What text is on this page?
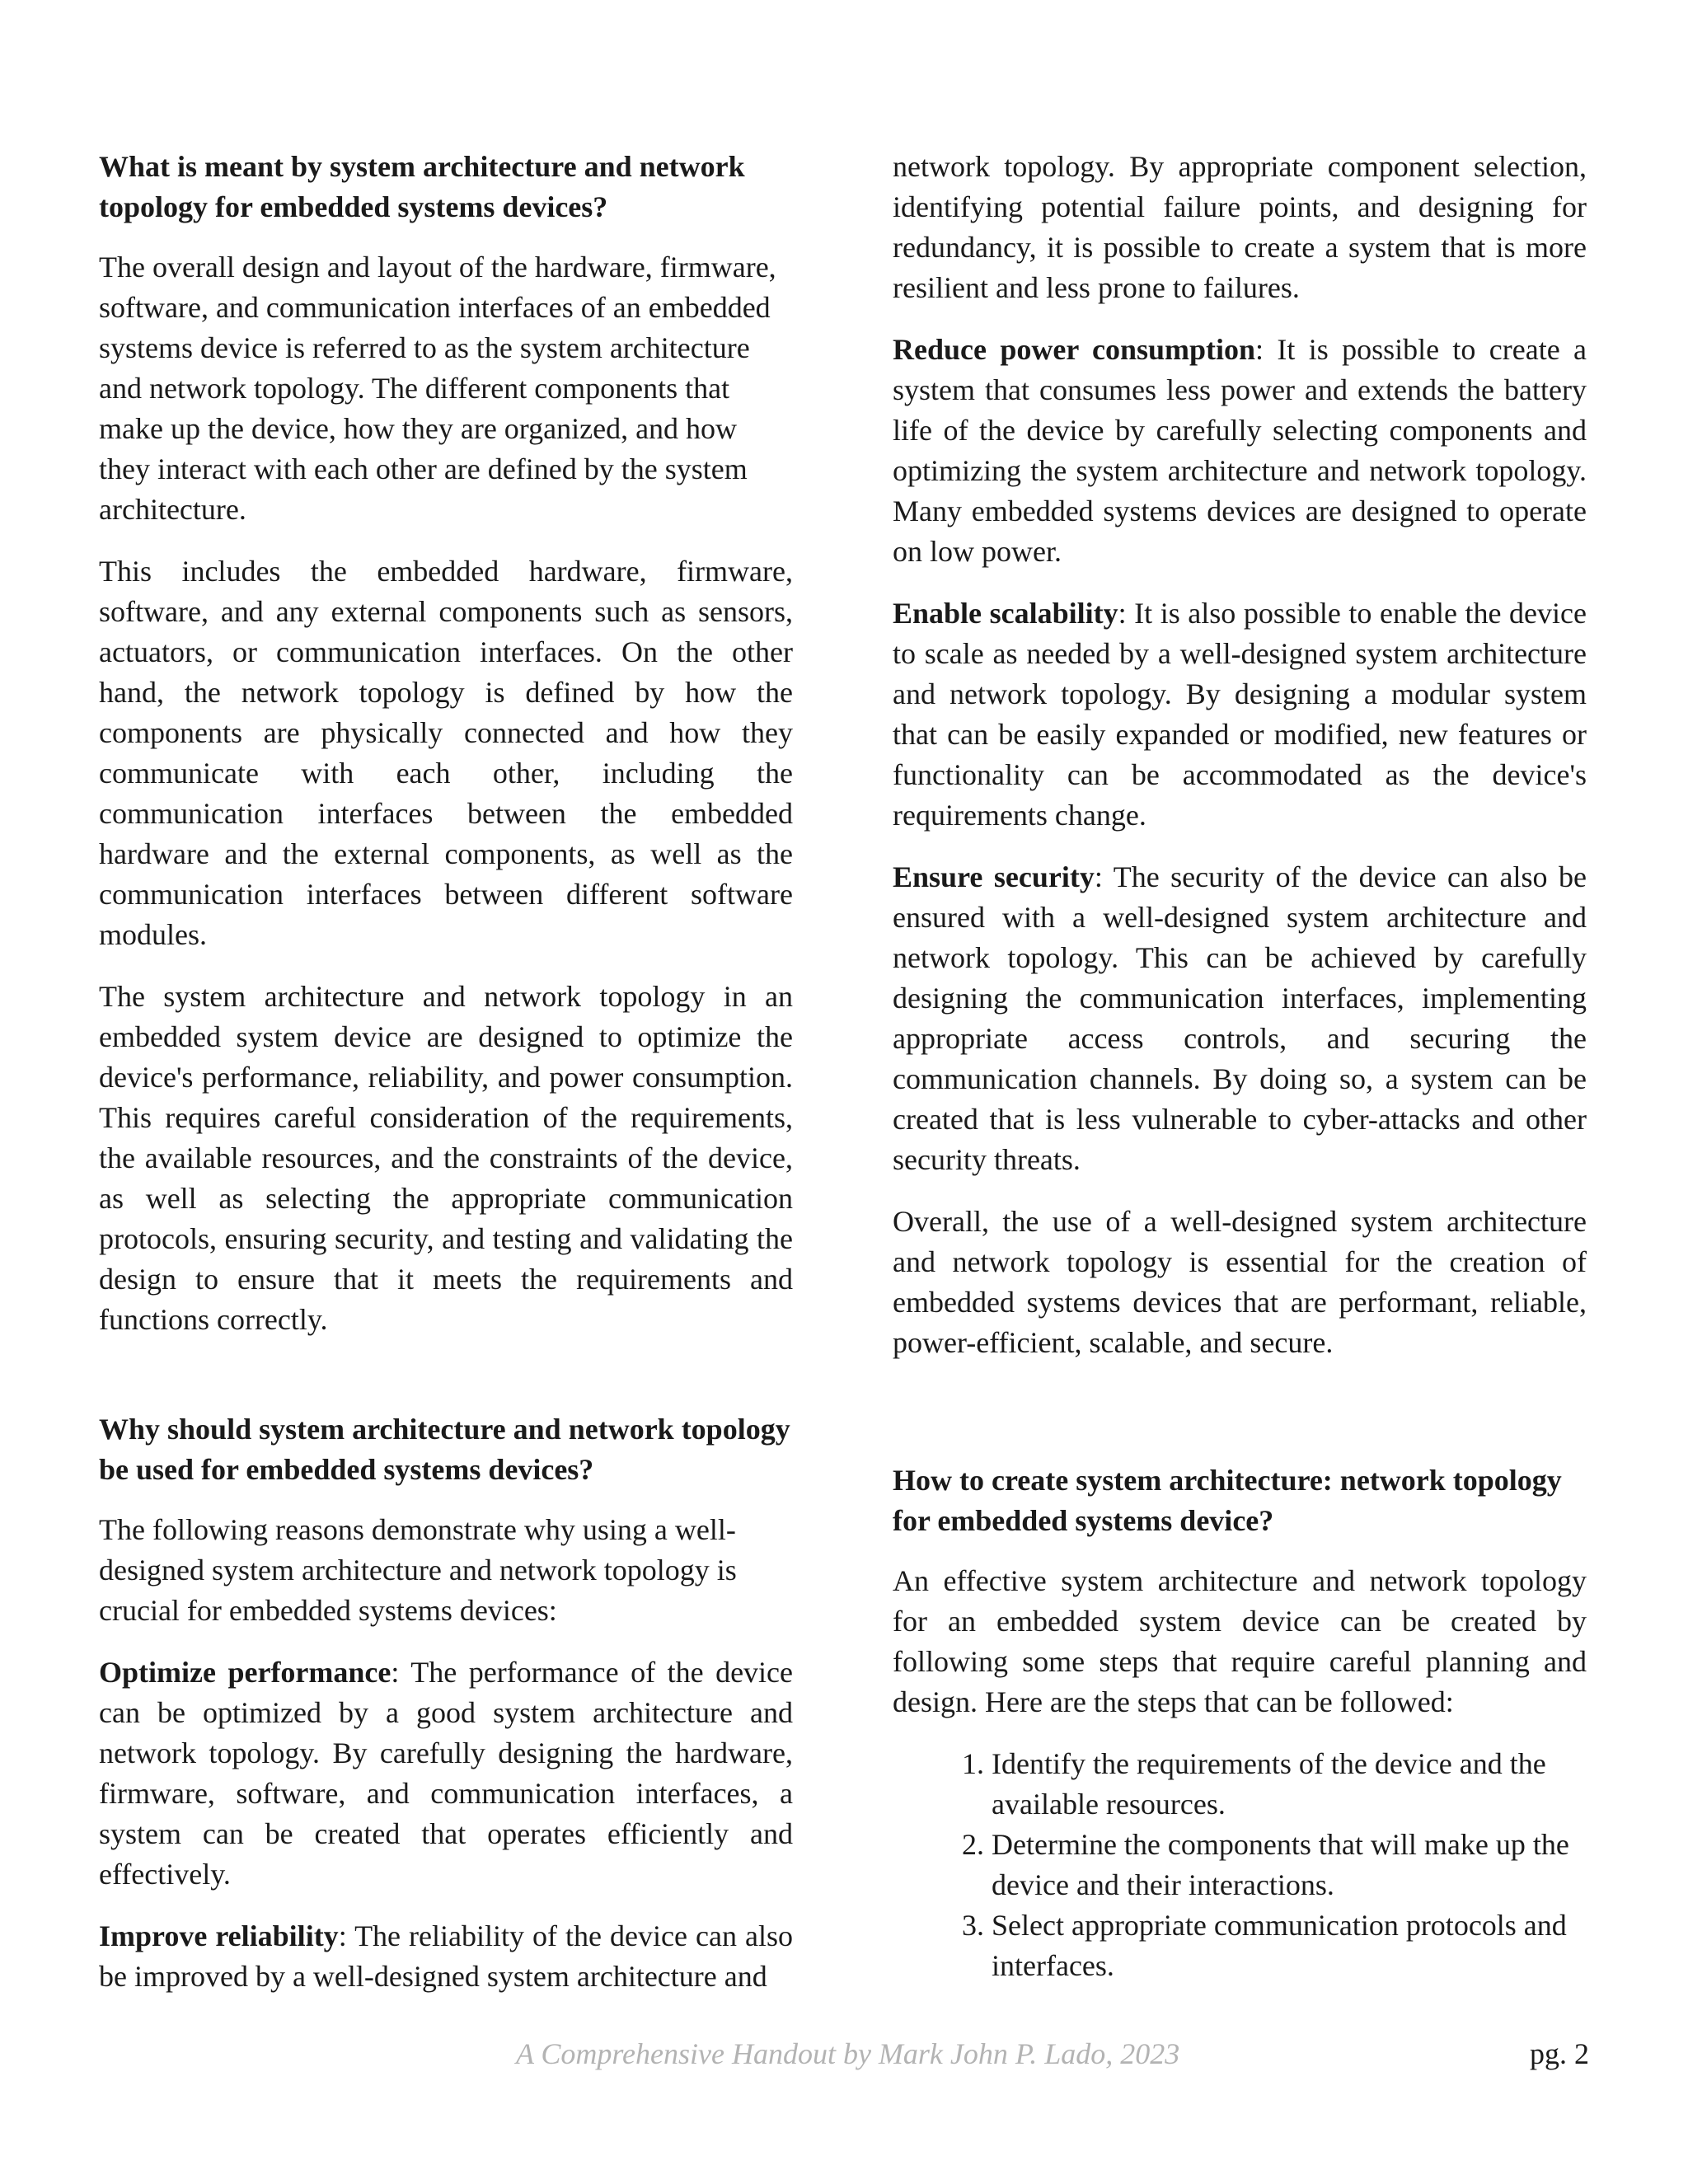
What is meant by system architecture and network topology for embedded systems devices?

The overall design and layout of the hardware, firmware, software, and communication interfaces of an embedded systems device is referred to as the system architecture and network topology. The different components that make up the device, how they are organized, and how they interact with each other are defined by the system architecture.

This includes the embedded hardware, firmware, software, and any external components such as sensors, actuators, or communication interfaces. On the other hand, the network topology is defined by how the components are physically connected and how they communicate with each other, including the communication interfaces between the embedded hardware and the external components, as well as the communication interfaces between different software modules.

The system architecture and network topology in an embedded system device are designed to optimize the device's performance, reliability, and power consumption. This requires careful consideration of the requirements, the available resources, and the constraints of the device, as well as selecting the appropriate communication protocols, ensuring security, and testing and validating the design to ensure that it meets the requirements and functions correctly.

Why should system architecture and network topology be used for embedded systems devices?

The following reasons demonstrate why using a well-designed system architecture and network topology is crucial for embedded systems devices:

Optimize performance: The performance of the device can be optimized by a good system architecture and network topology. By carefully designing the hardware, firmware, software, and communication interfaces, a system can be created that operates efficiently and effectively.

Improve reliability: The reliability of the device can also be improved by a well-designed system architecture and

network topology. By appropriate component selection, identifying potential failure points, and designing for redundancy, it is possible to create a system that is more resilient and less prone to failures.

Reduce power consumption: It is possible to create a system that consumes less power and extends the battery life of the device by carefully selecting components and optimizing the system architecture and network topology. Many embedded systems devices are designed to operate on low power.

Enable scalability: It is also possible to enable the device to scale as needed by a well-designed system architecture and network topology. By designing a modular system that can be easily expanded or modified, new features or functionality can be accommodated as the device's requirements change.

Ensure security: The security of the device can also be ensured with a well-designed system architecture and network topology. This can be achieved by carefully designing the communication interfaces, implementing appropriate access controls, and securing the communication channels. By doing so, a system can be created that is less vulnerable to cyber-attacks and other security threats.

Overall, the use of a well-designed system architecture and network topology is essential for the creation of embedded systems devices that are performant, reliable, power-efficient, scalable, and secure.

How to create system architecture: network topology for embedded systems device?

An effective system architecture and network topology for an embedded system device can be created by following some steps that require careful planning and design. Here are the steps that can be followed:

1. Identify the requirements of the device and the available resources.
2. Determine the components that will make up the device and their interactions.
3. Select appropriate communication protocols and interfaces.
A Comprehensive Handout by Mark John P. Lado, 2023	pg. 2
